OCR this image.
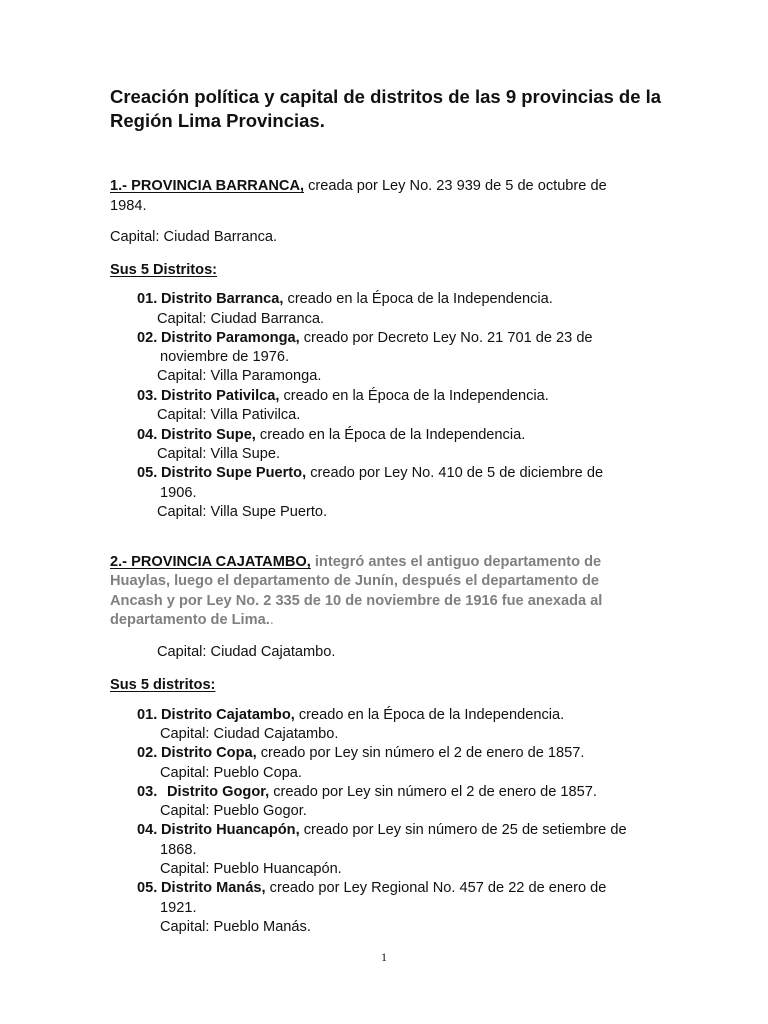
Creación política y capital de distritos de las 9 provincias de la

Región Lima Provincias.

1.- PROVINCIA BARRANCA, creada por Ley No. 23 939 de 5 de octubre de

1984.

Capital: Ciudad Barranca.

Sus 5 Distritos:

01. Distrito Barranca, creado en la Época de la Independencia.

Capital: Ciudad Barranca.

02. Distrito Paramonga, creado por Decreto Ley No. 21 701 de 23 de

noviembre de 1976.

Capital: Villa Paramonga.

03. Distrito Pativilca, creado en la Época de la Independencia.

Capital: Villa Pativilca.

04. Distrito Supe, creado en la Época de la Independencia.

Capital: Villa Supe.

05. Distrito Supe Puerto, creado por Ley No. 410 de 5 de diciembre de

1906.

Capital: Villa Supe Puerto.

2.- PROVINCIA CAJATAMBO, integró antes el antiguo departamento de

Huaylas, luego el departamento de Junín, después el departamento de

Ancash y por Ley No. 2 335 de 10 de noviembre de 1916 fue anexada al

departamento de Lima..

Capital: Ciudad Cajatambo.

Sus 5 distritos:

01. Distrito Cajatambo, creado en la Época de la Independencia.

Capital: Ciudad Cajatambo.

02. Distrito Copa, creado por Ley sin número el 2 de enero de 1857.

Capital: Pueblo Copa.

03.Distrito Gogor, creado por Ley sin número el 2 de enero de 1857.

Capital: Pueblo Gogor.

04. Distrito Huancapón, creado por Ley sin número de 25 de setiembre de

1868.

Capital: Pueblo Huancapón.

05. Distrito Manás, creado por Ley Regional No. 457 de 22 de enero de

1921.

Capital: Pueblo Manás.

1
